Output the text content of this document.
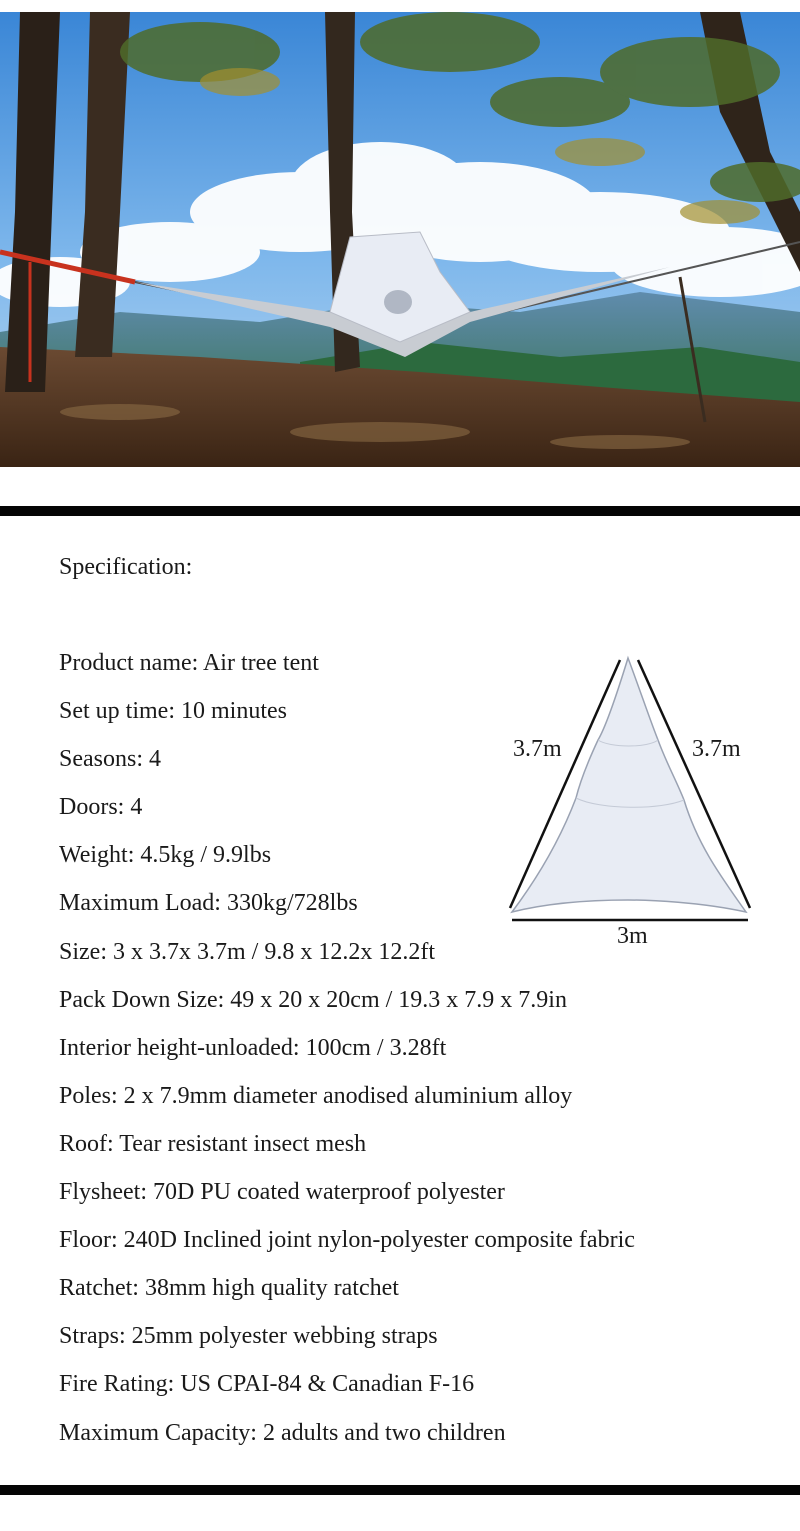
Specification:
Product name: Air tree tent
Set up time: 10 minutes
Seasons: 4
Doors: 4
Weight: 4.5kg / 9.9lbs
Maximum Load: 330kg/728lbs
Size: 3 x 3.7x 3.7m / 9.8 x 12.2x 12.2ft
Pack Down Size: 49 x 20 x 20cm / 19.3 x 7.9 x 7.9in
Interior height-unloaded: 100cm / 3.28ft
Poles: 2 x 7.9mm diameter anodised aluminium alloy
Roof: Tear resistant insect mesh
Flysheet: 70D PU coated waterproof polyester
Floor: 240D Inclined joint nylon-polyester composite fabric
Ratchet: 38mm high quality ratchet
Straps: 25mm polyester webbing straps
Fire Rating: US CPAI-84 & Canadian F-16
Maximum Capacity: 2 adults and two children
3.7m	3.7m
3m
